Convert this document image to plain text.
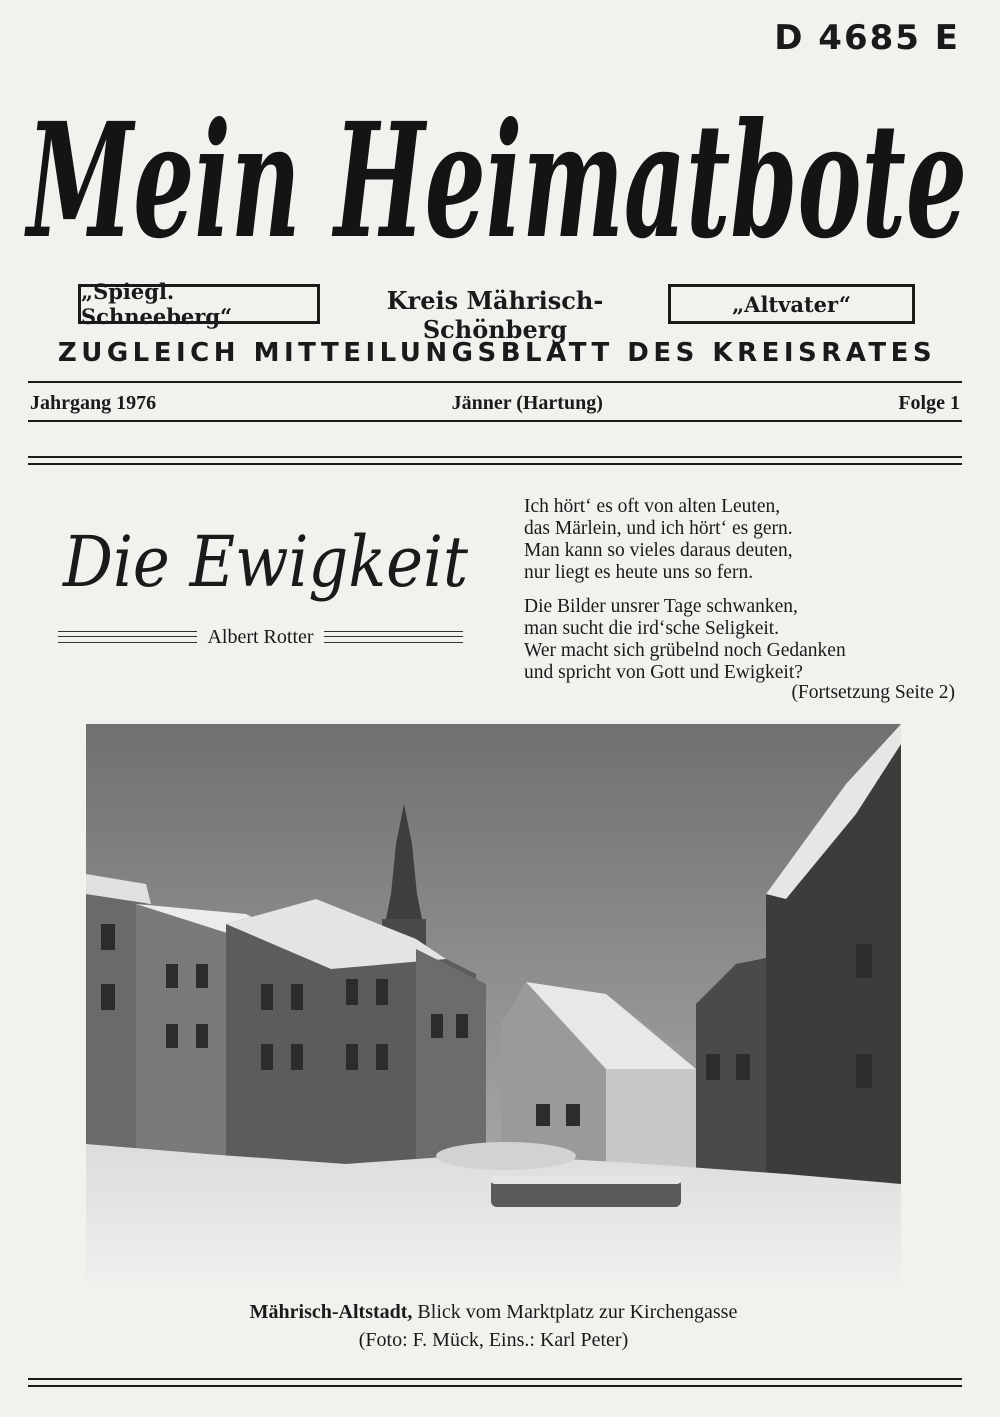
D 4685 E
Mein Heimatbote
„Spiegl. Schneeberg“
Kreis Mährisch-Schönberg
„Altvater“
ZUGLEICH MITTEILUNGSBLATT DES KREISRATES
Jahrgang 1976	Jänner (Hartung)	Folge 1
Die Ewigkeit
Albert Rotter
Ich hört‘ es oft von alten Leuten,
das Märlein, und ich hört‘ es gern.
Man kann so vieles daraus deuten,
nur liegt es heute uns so fern.
Die Bilder unsrer Tage schwanken,
man sucht die ird‘sche Seligkeit.
Wer macht sich grübelnd noch Gedanken
und spricht von Gott und Ewigkeit?
(Fortsetzung Seite 2)
Mährisch-Altstadt, Blick vom Marktplatz zur Kirchengasse
(Foto: F. Mück, Eins.: Karl Peter)
